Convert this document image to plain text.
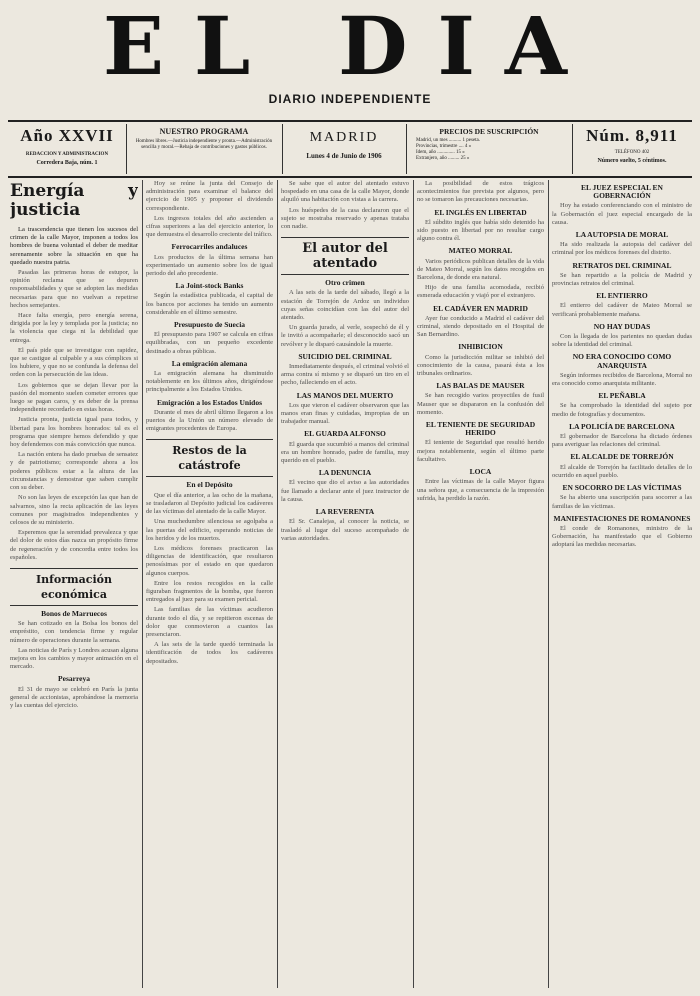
EL DIA
DIARIO INDEPENDIENTE
Año XXVII
REDACCION Y ADMINISTRACION
Corredera Baja, núm. 1
NUESTRO PROGRAMA
Hombres libres.—Justicia independiente y pronta.—Administración sencilla y moral.—Rebaja de contribuciones y gastos públicos.
MADRID
Lunes 4 de Junio de 1906
PRECIOS DE SUSCRIPCIÓN
Madrid, un mes .......... 1 peseta.
Provincias, trimestre .... 4 »
Idem, año .............. 15 »
Extranjero, año ......... 25 »
Núm. 8,911
TELÉFONO 402
Número suelto, 5 céntimos.
Energía y justicia

La trascendencia que tienen los sucesos del crimen de la calle Mayor, imponen a todos los hombres de buena voluntad el deber de meditar serenamente sobre la situación en que ha quedado nuestra patria.

Pasadas las primeras horas de estupor, la opinión reclama que se depuren responsabilidades y que se adopten las medidas necesarias para que no vuelvan a repetirse hechos semejantes.

Hace falta energía, pero energía serena, dirigida por la ley y templada por la justicia; no la violencia que ciega ni la debilidad que entrega.

El país pide que se investigue con rapidez, que se castigue al culpable y a sus cómplices si los hubiere, y que no se confunda la defensa del orden con la persecución de las ideas.

Los gobiernos que se dejan llevar por la pasión del momento suelen cometer errores que luego se pagan caros, y es deber de la prensa independiente recordarlo en estas horas.

Justicia pronta, justicia igual para todos, y libertad para los hombres honrados: tal es el programa que siempre hemos defendido y que hoy defendemos con más convicción que nunca.

La nación entera ha dado pruebas de sensatez y de patriotismo; corresponde ahora a los poderes públicos estar a la altura de las circunstancias y demostrar que saben cumplir con su deber.

No son las leyes de excepción las que han de salvarnos, sino la recta aplicación de las leyes comunes por magistrados independientes y celosos de su ministerio.

Esperemos que la serenidad prevalezca y que del dolor de estos días nazca un propósito firme de regeneración y de concordia entre todos los españoles.

Información económica
Bonos de Marruecos

Se han cotizado en la Bolsa los bonos del empréstito, con tendencia firme y regular número de operaciones durante la semana.

Las noticias de París y Londres acusan alguna mejora en los cambios y mayor animación en el mercado.

Pesarreya

El 31 de mayo se celebró en París la junta general de accionistas, aprobándose la memoria y las cuentas del ejercicio.

Hoy se reúne la junta del Consejo de administración para examinar el balance del ejercicio de 1905 y proponer el dividendo correspondiente.

Los ingresos totales del año ascienden a cifras superiores a las del ejercicio anterior, lo que demuestra el desarrollo creciente del tráfico.

Ferrocarriles andaluces

Los productos de la última semana han experimentado un aumento sobre los de igual periodo del año precedente.

La Joint-stock Banks

Según la estadística publicada, el capital de los bancos por acciones ha tenido un aumento considerable en el último semestre.

Presupuesto de Suecia

El presupuesto para 1907 se calcula en cifras equilibradas, con un pequeño excedente destinado a obras públicas.

La emigración alemana

La emigración alemana ha disminuido notablemente en los últimos años, dirigiéndose principalmente a los Estados Unidos.

Emigración a los Estados Unidos

Durante el mes de abril último llegaron a los puertos de la Unión un número elevado de emigrantes procedentes de Europa.

Restos de la catástrofe
En el Depósito

Que el día anterior, a las ocho de la mañana, se trasladaron al Depósito judicial los cadáveres de las víctimas del atentado de la calle Mayor.

Una muchedumbre silenciosa se agolpaba a las puertas del edificio, esperando noticias de los heridos y de los muertos.

Los médicos forenses practicaron las diligencias de identificación, que resultaron penosísimas por el estado en que quedaron algunos cuerpos.

Entre los restos recogidos en la calle figuraban fragmentos de la bomba, que fueron entregados al juez para su examen pericial.

Las familias de las víctimas acudieron durante todo el día, y se repitieron escenas de dolor que conmovieron a cuantos las presenciaron.

A las seis de la tarde quedó terminada la identificación de todos los cadáveres depositados.

Se sabe que el autor del atentado estuvo hospedado en una casa de la calle Mayor, donde alquiló una habitación con vistas a la carrera.

Los huéspedes de la casa declararon que el sujeto se mostraba reservado y apenas trataba con nadie.

El autor del atentado
Otro crimen

A las seis de la tarde del sábado, llegó a la estación de Torrejón de Ardoz un individuo cuyas señas coincidían con las del autor del atentado.

Un guarda jurado, al verle, sospechó de él y le invitó a acompañarle; el desconocido sacó un revólver y le disparó causándole la muerte.

SUICIDIO DEL CRIMINAL

Inmediatamente después, el criminal volvió el arma contra sí mismo y se disparó un tiro en el pecho, falleciendo en el acto.

LAS MANOS DEL MUERTO

Los que vieron el cadáver observaron que las manos eran finas y cuidadas, impropias de un trabajador manual.

EL GUARDA ALFONSO

El guarda que sucumbió a manos del criminal era un hombre honrado, padre de familia, muy querido en el pueblo.

LA DENUNCIA

El vecino que dio el aviso a las autoridades fue llamado a declarar ante el juez instructor de la causa.

LA REVERENTA

El Sr. Canalejas, al conocer la noticia, se trasladó al lugar del suceso acompañado de varias autoridades.

La posibilidad de estos trágicos acontecimientos fue prevista por algunos, pero no se tomaron las precauciones necesarias.

EL INGLÉS EN LIBERTAD

El súbdito inglés que había sido detenido ha sido puesto en libertad por no resultar cargo alguno contra él.

MATEO MORRAL

Varios periódicos publican detalles de la vida de Mateo Morral, según los datos recogidos en Barcelona, de donde era natural.

Hijo de una familia acomodada, recibió esmerada educación y viajó por el extranjero.

EL CADÁVER EN MADRID

Ayer fue conducido a Madrid el cadáver del criminal, siendo depositado en el Hospital de San Bernardino.

INHIBICION

Como la jurisdicción militar se inhibió del conocimiento de la causa, pasará ésta a los tribunales ordinarios.

LAS BALAS DE MAUSER

Se han recogido varios proyectiles de fusil Mauser que se dispararon en la confusión del momento.

EL TENIENTE DE SEGURIDAD HERIDO

El teniente de Seguridad que resultó herido mejora notablemente, según el último parte facultativo.

LOCA

Entre las víctimas de la calle Mayor figura una señora que, a consecuencia de la impresión sufrida, ha perdido la razón.

EL JUEZ ESPECIAL EN GOBERNACIÓN

Hoy ha estado conferenciando con el ministro de la Gobernación el juez especial encargado de la causa.

LA AUTOPSIA DE MORAL

Ha sido realizada la autopsia del cadáver del criminal por los médicos forenses del distrito.

RETRATOS DEL CRIMINAL

Se han repartido a la policía de Madrid y provincias retratos del criminal.

EL ENTIERRO

El entierro del cadáver de Mateo Morral se verificará probablemente mañana.

NO HAY DUDAS

Con la llegada de los parientes no quedan dudas sobre la identidad del criminal.

NO ERA CONOCIDO COMO ANARQUISTA

Según informes recibidos de Barcelona, Morral no era conocido como anarquista militante.

EL PEÑABLA

Se ha comprobado la identidad del sujeto por medio de fotografías y documentos.

LA POLICÍA DE BARCELONA

El gobernador de Barcelona ha dictado órdenes para averiguar las relaciones del criminal.

EL ALCALDE DE TORREJÓN

El alcalde de Torrejón ha facilitado detalles de lo ocurrido en aquel pueblo.

EN SOCORRO DE LAS VÍCTIMAS

Se ha abierto una suscripción para socorrer a las familias de las víctimas.

MANIFESTACIONES DE ROMANONES

El conde de Romanones, ministro de la Gobernación, ha manifestado que el Gobierno adoptará las medidas necesarias.
